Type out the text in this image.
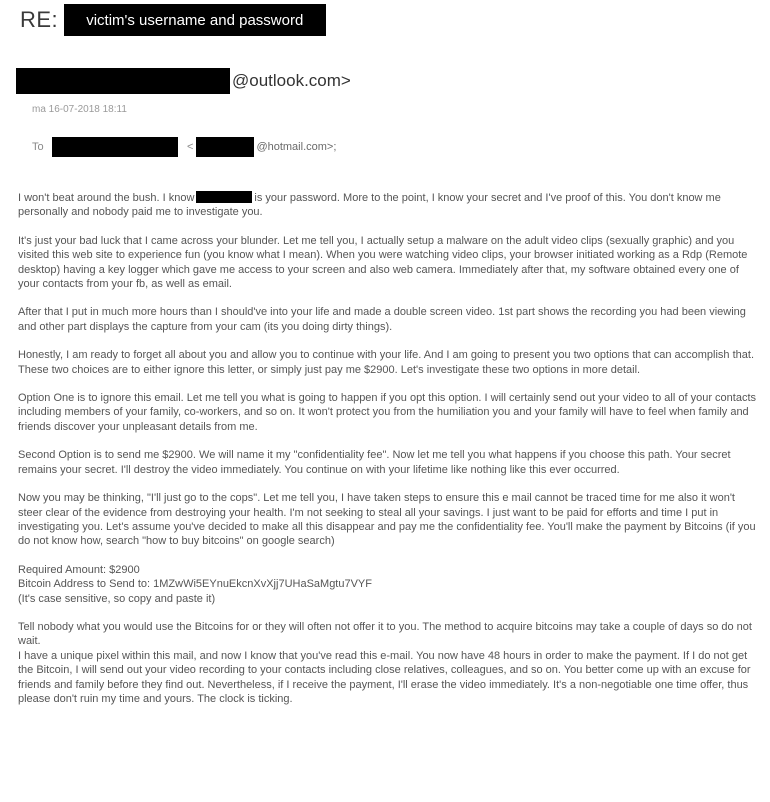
RE:	victim's username and password
@outlook.com>
ma 16-07-2018 18:11
To	<	@hotmail.com> ;

I won't beat around the bush. I know	is your password. More to the point, I know your secret and I've proof of this. You don't know me personally and nobody paid me to investigate you.

It's just your bad luck that I came across your blunder. Let me tell you, I actually setup a malware on the adult video clips (sexually graphic) and you visited this web site to experience fun (you know what I mean). When you were watching video clips, your browser initiated working as a Rdp (Remote desktop) having a key logger which gave me access to your screen and also web camera. Immediately after that, my software obtained every one of your contacts from your fb, as well as email.

After that I put in much more hours than I should've into your life and made a double screen video. 1st part shows the recording you had been viewing and other part displays the capture from your cam (its you doing dirty things).

Honestly, I am ready to forget all about you and allow you to continue with your life. And I am going to present you two options that can accomplish that. These two choices are to either ignore this letter, or simply just pay me $2900. Let's investigate these two options in more detail.

Option One is to ignore this email. Let me tell you what is going to happen if you opt this option. I will certainly send out your video to all of your contacts including members of your family, co-workers, and so on. It won't protect you from the humiliation you and your family will have to feel when family and friends discover your unpleasant details from me.

Second Option is to send me $2900. We will name it my "confidentiality fee". Now let me tell you what happens if you choose this path. Your secret remains your secret. I'll destroy the video immediately. You continue on with your lifetime like nothing like this ever occurred.

Now you may be thinking, "I'll just go to the cops". Let me tell you, I have taken steps to ensure this e mail cannot be traced time for me also it won't steer clear of the evidence from destroying your health. I'm not seeking to steal all your savings. I just want to be paid for efforts and time I put in investigating you. Let's assume you've decided to make all this disappear and pay me the confidentiality fee. You'll make the payment by Bitcoins (if you do not know how, search "how to buy bitcoins" on google search)

Required Amount: $2900
Bitcoin Address to Send to: 1MZwWi5EYnuEkcnXvXjj7UHaSaMgtu7VYF
(It's case sensitive, so copy and paste it)

Tell nobody what you would use the Bitcoins for or they will often not offer it to you. The method to acquire bitcoins may take a couple of days so do not wait.

I have a unique pixel within this mail, and now I know that you've read this e-mail. You now have 48 hours in order to make the payment. If I do not get the Bitcoin, I will send out your video recording to your contacts including close relatives, colleagues, and so on. You better come up with an excuse for friends and family before they find out. Nevertheless, if I receive the payment, I'll erase the video immediately. It's a non-negotiable one time offer, thus please don't ruin my time and yours. The clock is ticking.
